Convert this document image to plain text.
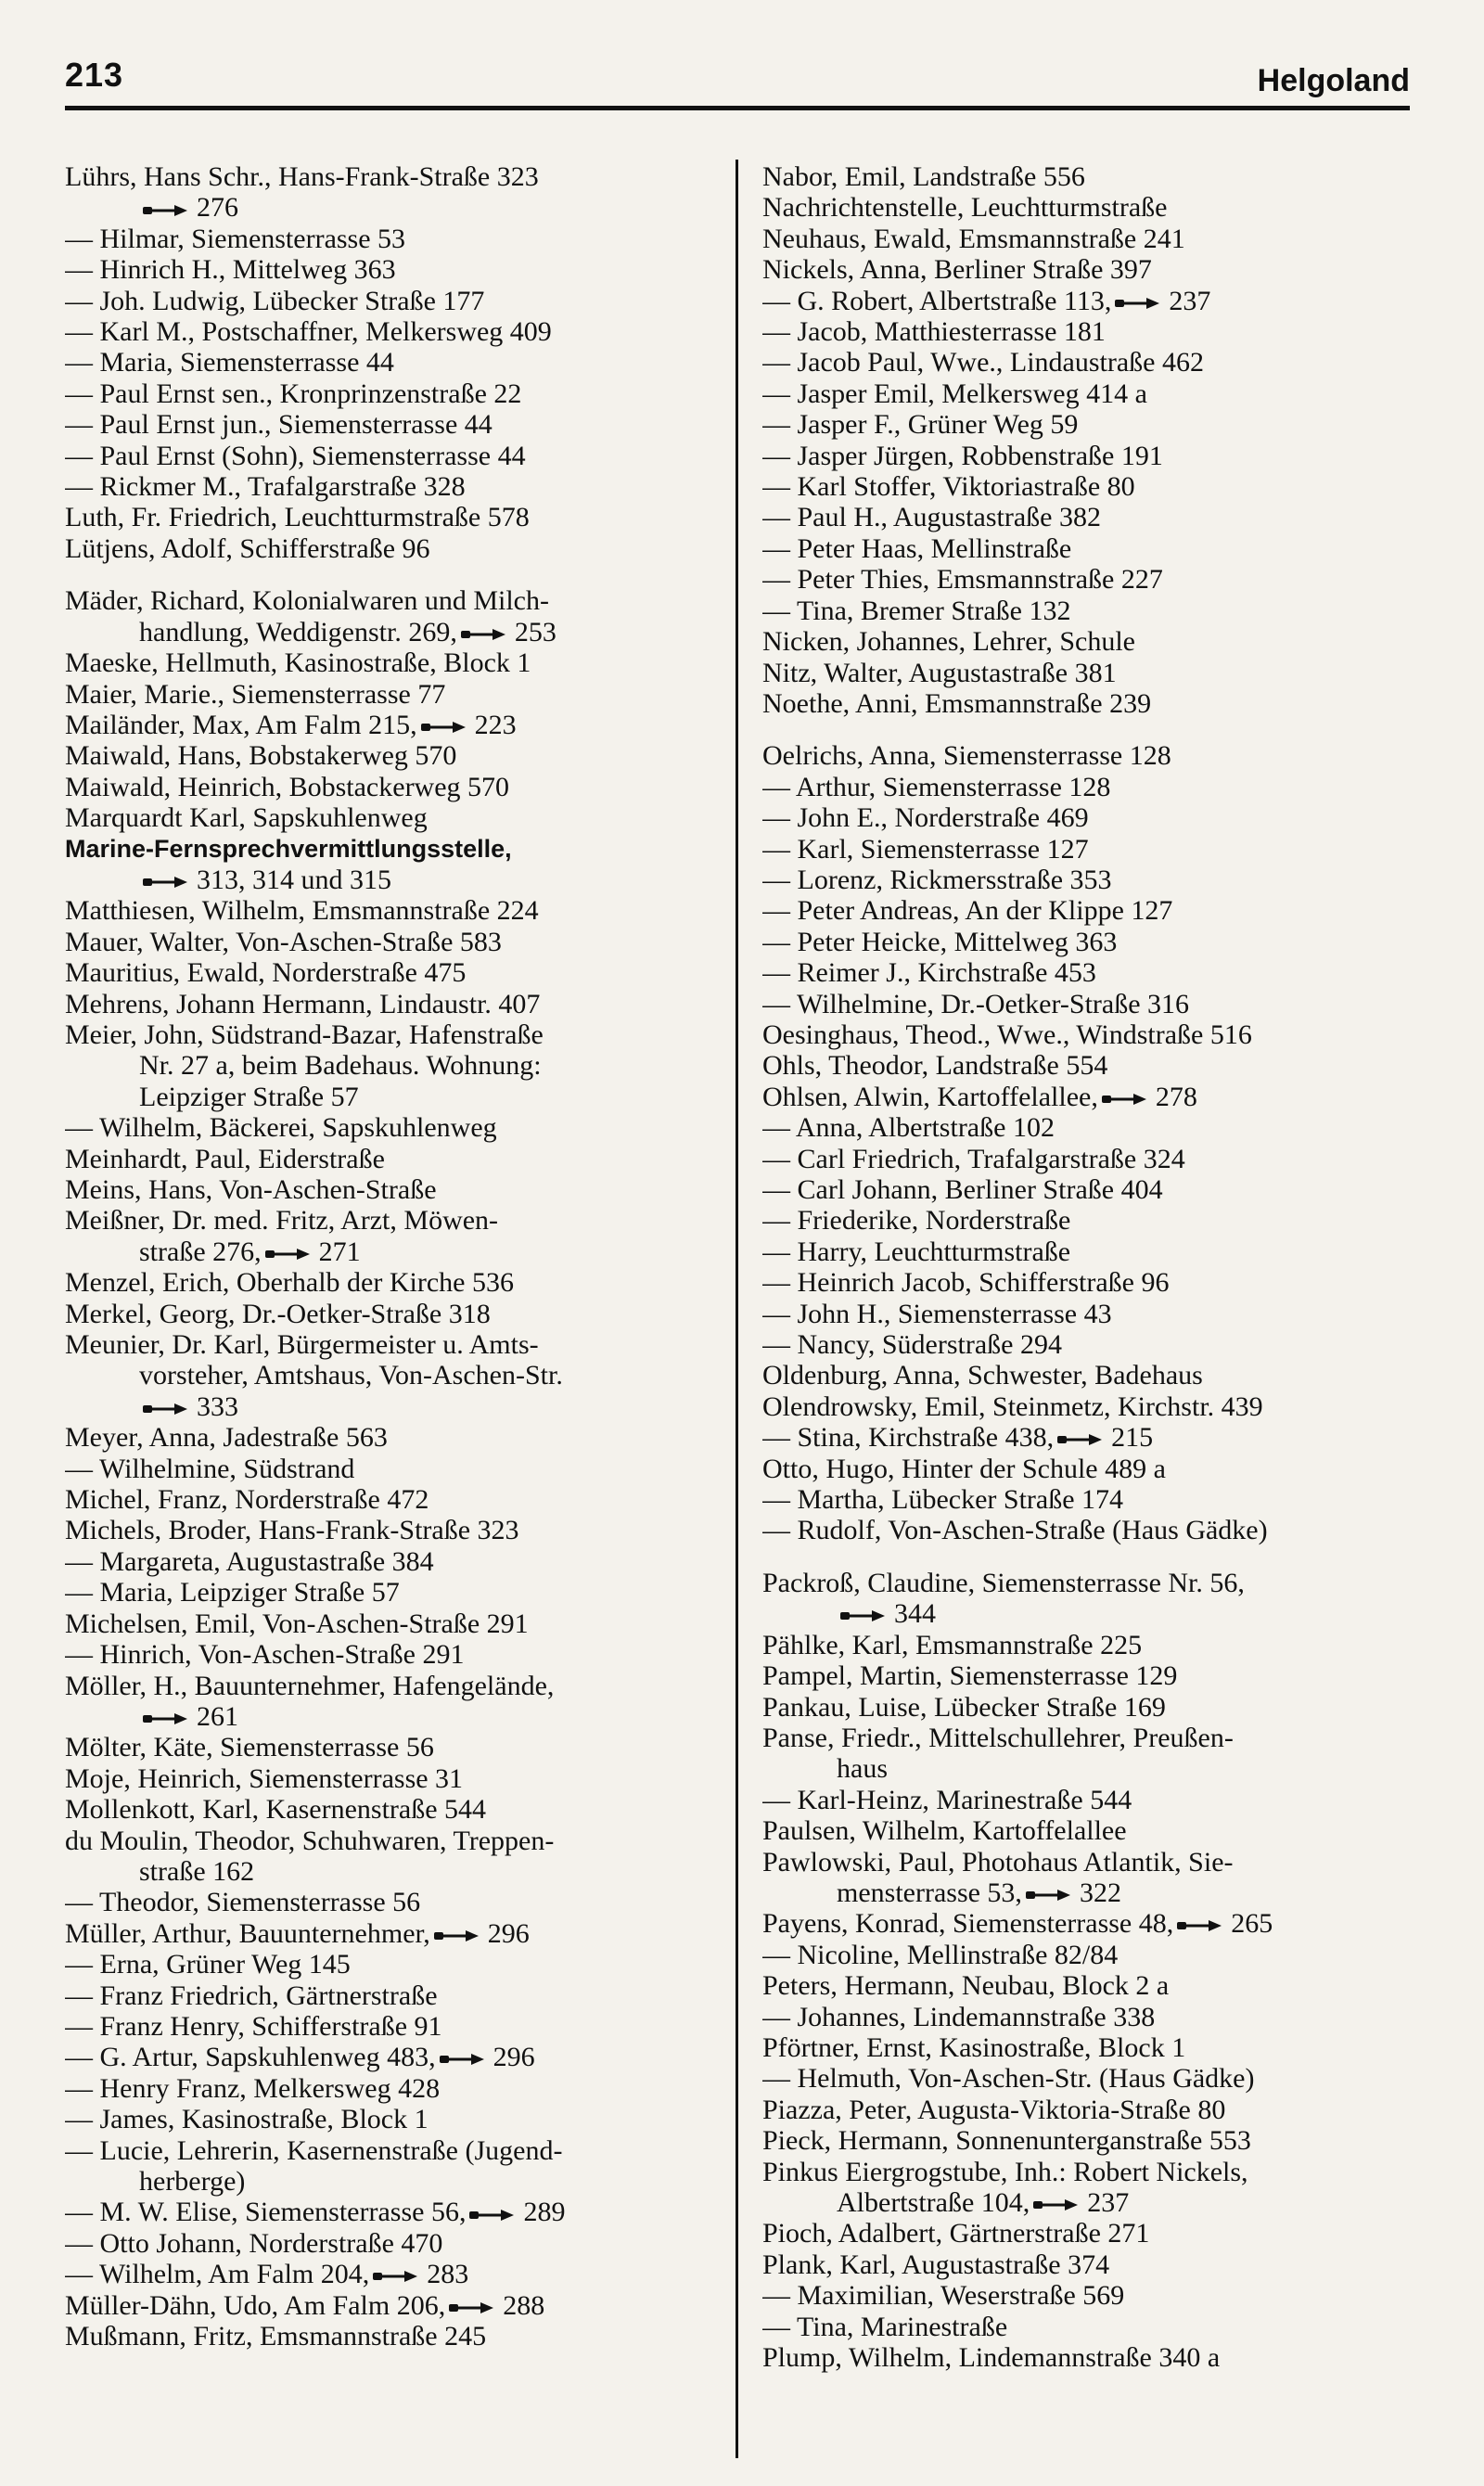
213	Helgoland
Lührs, Hans Schr., Hans-Frank-Straße 323
276
— Hilmar, Siemensterrasse 53
— Hinrich H., Mittelweg 363
— Joh. Ludwig, Lübecker Straße 177
— Karl M., Postschaffner, Melkersweg 409
— Maria, Siemensterrasse 44
— Paul Ernst sen., Kronprinzenstraße 22
— Paul Ernst jun., Siemensterrasse 44
— Paul Ernst (Sohn), Siemensterrasse 44
— Rickmer M., Trafalgarstraße 328
Luth, Fr. Friedrich, Leuchtturmstraße 578
Lütjens, Adolf, Schifferstraße 96
Mäder, Richard, Kolonialwaren und Milch-
handlung, Weddigenstr. 269, 253
Maeske, Hellmuth, Kasinostraße, Block 1
Maier, Marie., Siemensterrasse 77
Mailänder, Max, Am Falm 215, 223
Maiwald, Hans, Bobstakerweg 570
Maiwald, Heinrich, Bobstackerweg 570
Marquardt Karl, Sapskuhlenweg
Marine-Fernsprechvermittlungsstelle,
313, 314 und 315
Matthiesen, Wilhelm, Emsmannstraße 224
Mauer, Walter, Von-Aschen-Straße 583
Mauritius, Ewald, Norderstraße 475
Mehrens, Johann Hermann, Lindaustr. 407
Meier, John, Südstrand-Bazar, Hafenstraße
Nr. 27 a, beim Badehaus. Wohnung:
Leipziger Straße 57
— Wilhelm, Bäckerei, Sapskuhlenweg
Meinhardt, Paul, Eiderstraße
Meins, Hans, Von-Aschen-Straße
Meißner, Dr. med. Fritz, Arzt, Möwen-
straße 276, 271
Menzel, Erich, Oberhalb der Kirche 536
Merkel, Georg, Dr.-Oetker-Straße 318
Meunier, Dr. Karl, Bürgermeister u. Amts-
vorsteher, Amtshaus, Von-Aschen-Str.
333
Meyer, Anna, Jadestraße 563
— Wilhelmine, Südstrand
Michel, Franz, Norderstraße 472
Michels, Broder, Hans-Frank-Straße 323
— Margareta, Augustastraße 384
— Maria, Leipziger Straße 57
Michelsen, Emil, Von-Aschen-Straße 291
— Hinrich, Von-Aschen-Straße 291
Möller, H., Bauunternehmer, Hafengelände,
261
Mölter, Käte, Siemensterrasse 56
Moje, Heinrich, Siemensterrasse 31
Mollenkott, Karl, Kasernenstraße 544
du Moulin, Theodor, Schuhwaren, Treppen-
straße 162
— Theodor, Siemensterrasse 56
Müller, Arthur, Bauunternehmer, 296
— Erna, Grüner Weg 145
— Franz Friedrich, Gärtnerstraße
— Franz Henry, Schifferstraße 91
— G. Artur, Sapskuhlenweg 483, 296
— Henry Franz, Melkersweg 428
— James, Kasinostraße, Block 1
— Lucie, Lehrerin, Kasernenstraße (Jugend-
herberge)
— M. W. Elise, Siemensterrasse 56, 289
— Otto Johann, Norderstraße 470
— Wilhelm, Am Falm 204, 283
Müller-Dähn, Udo, Am Falm 206, 288
Mußmann, Fritz, Emsmannstraße 245
Nabor, Emil, Landstraße 556
Nachrichtenstelle, Leuchtturmstraße
Neuhaus, Ewald, Emsmannstraße 241
Nickels, Anna, Berliner Straße 397
— G. Robert, Albertstraße 113, 237
— Jacob, Matthiesterrasse 181
— Jacob Paul, Wwe., Lindaustraße 462
— Jasper Emil, Melkersweg 414 a
— Jasper F., Grüner Weg 59
— Jasper Jürgen, Robbenstraße 191
— Karl Stoffer, Viktoriastraße 80
— Paul H., Augustastraße 382
— Peter Haas, Mellinstraße
— Peter Thies, Emsmannstraße 227
— Tina, Bremer Straße 132
Nicken, Johannes, Lehrer, Schule
Nitz, Walter, Augustastraße 381
Noethe, Anni, Emsmannstraße 239
Oelrichs, Anna, Siemensterrasse 128
— Arthur, Siemensterrasse 128
— John E., Norderstraße 469
— Karl, Siemensterrasse 127
— Lorenz, Rickmersstraße 353
— Peter Andreas, An der Klippe 127
— Peter Heicke, Mittelweg 363
— Reimer J., Kirchstraße 453
— Wilhelmine, Dr.-Oetker-Straße 316
Oesinghaus, Theod., Wwe., Windstraße 516
Ohls, Theodor, Landstraße 554
Ohlsen, Alwin, Kartoffelallee, 278
— Anna, Albertstraße 102
— Carl Friedrich, Trafalgarstraße 324
— Carl Johann, Berliner Straße 404
— Friederike, Norderstraße
— Harry, Leuchtturmstraße
— Heinrich Jacob, Schifferstraße 96
— John H., Siemensterrasse 43
— Nancy, Süderstraße 294
Oldenburg, Anna, Schwester, Badehaus
Olendrowsky, Emil, Steinmetz, Kirchstr. 439
— Stina, Kirchstraße 438, 215
Otto, Hugo, Hinter der Schule 489 a
— Martha, Lübecker Straße 174
— Rudolf, Von-Aschen-Straße (Haus Gädke)
Packroß, Claudine, Siemensterrasse Nr. 56,
344
Pählke, Karl, Emsmannstraße 225
Pampel, Martin, Siemensterrasse 129
Pankau, Luise, Lübecker Straße 169
Panse, Friedr., Mittelschullehrer, Preußen-
haus
— Karl-Heinz, Marinestraße 544
Paulsen, Wilhelm, Kartoffelallee
Pawlowski, Paul, Photohaus Atlantik, Sie-
mensterrasse 53, 322
Payens, Konrad, Siemensterrasse 48, 265
— Nicoline, Mellinstraße 82/84
Peters, Hermann, Neubau, Block 2 a
— Johannes, Lindemannstraße 338
Pförtner, Ernst, Kasinostraße, Block 1
— Helmuth, Von-Aschen-Str. (Haus Gädke)
Piazza, Peter, Augusta-Viktoria-Straße 80
Pieck, Hermann, Sonnenunterganstraße 553
Pinkus Eiergrogstube, Inh.: Robert Nickels,
Albertstraße 104, 237
Pioch, Adalbert, Gärtnerstraße 271
Plank, Karl, Augustastraße 374
— Maximilian, Weserstraße 569
— Tina, Marinestraße
Plump, Wilhelm, Lindemannstraße 340 a
